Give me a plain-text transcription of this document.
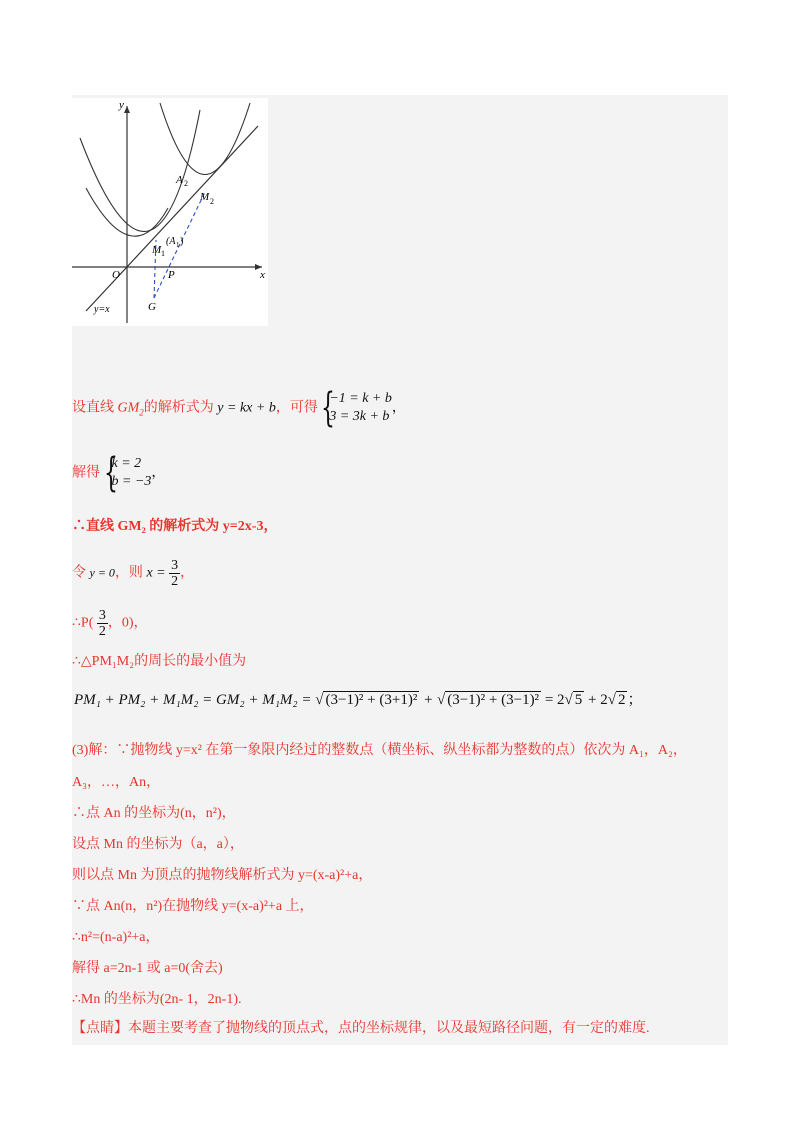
y
x
O	P
G
A 2
M 2
M 1
(A 1 )
y=x
设直线 $GM_2$的解析式为 y = kx + b，可得 {
−1 = k + b
3 = 3k + b
，
解得 {
k = 2
b = −3
，
∴直线 GM₂ 的解析式为 y=2x-3，
令 y = 0，则 $x = \frac{3}{2}$ ，
∴P( $\frac{3}{2}$ ，0)，
∴△PM₁M₂的周长的最小值为
PM₁ + PM₂ + M₁M₂ = GM₂ + M₁M₂ = √ (3−1)² + (3+1)² + √ (3−1)² + (3−1)² = 2√ 5 + 2√ 2 ；
(3)解：∵抛物线 y=x² 在第一象限内经过的整数点（横坐标、纵坐标都为整数的点）依次为 A₁，A₂，
A₃，…，An，
∴点 An 的坐标为(n，n²)，
设点 Mn 的坐标为（a，a），
则以点 Mn 为顶点的抛物线解析式为 y=(x-a)²+a，
∵点 An(n，n²)在抛物线 y=(x-a)²+a 上，
∴n²=(n-a)²+a，
解得 a=2n-1 或 a=0(舍去)
∴Mn 的坐标为(2n- 1，2n-1).
【点睛】本题主要考查了抛物线的顶点式，点的坐标规律，以及最短路径问题，有一定的难度.
